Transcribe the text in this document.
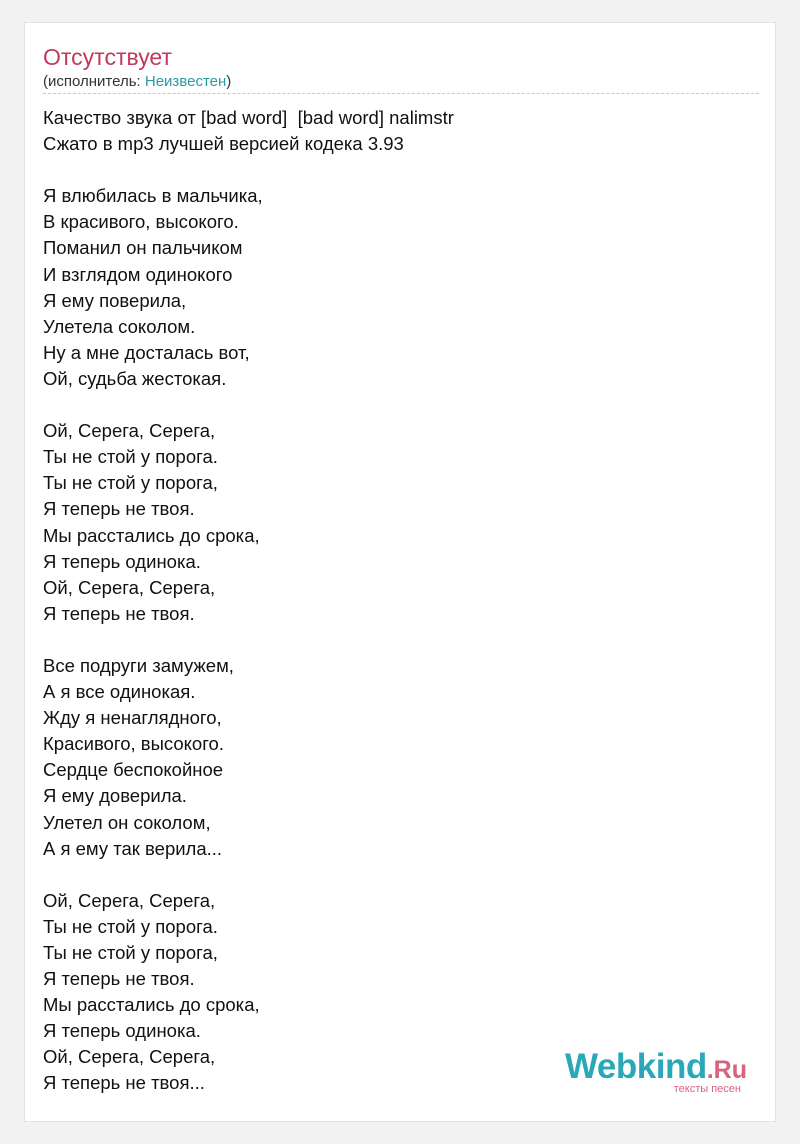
Отсутствует
(исполнитель: Неизвестен)
Качество звука от [bad word]  [bad word] nalimstr
Сжато в mp3 лучшей версией кодека 3.93

Я влюбилась в мальчика,
В красивого, высокого.
Поманил он пальчиком
И взглядом одинокого
Я ему поверила,
Улетела соколом.
Ну а мне досталась вот,
Ой, судьба жестокая.

Ой, Серега, Серега,
Ты не стой у порога.
Ты не стой у порога,
Я теперь не твоя.
Мы расстались до срока,
Я теперь одинока.
Ой, Серега, Серега,
Я теперь не твоя.

Все подруги замужем,
А я все одинокая.
Жду я ненаглядного,
Красивого, высокого.
Сердце беспокойное
Я ему доверила.
Улетел он соколом,
А я ему так верила...

Ой, Серега, Серега,
Ты не стой у порога.
Ты не стой у порога,
Я теперь не твоя.
Мы расстались до срока,
Я теперь одинока.
Ой, Серега, Серега,
Я теперь не твоя...	Webkind.Ru
тексты песен
